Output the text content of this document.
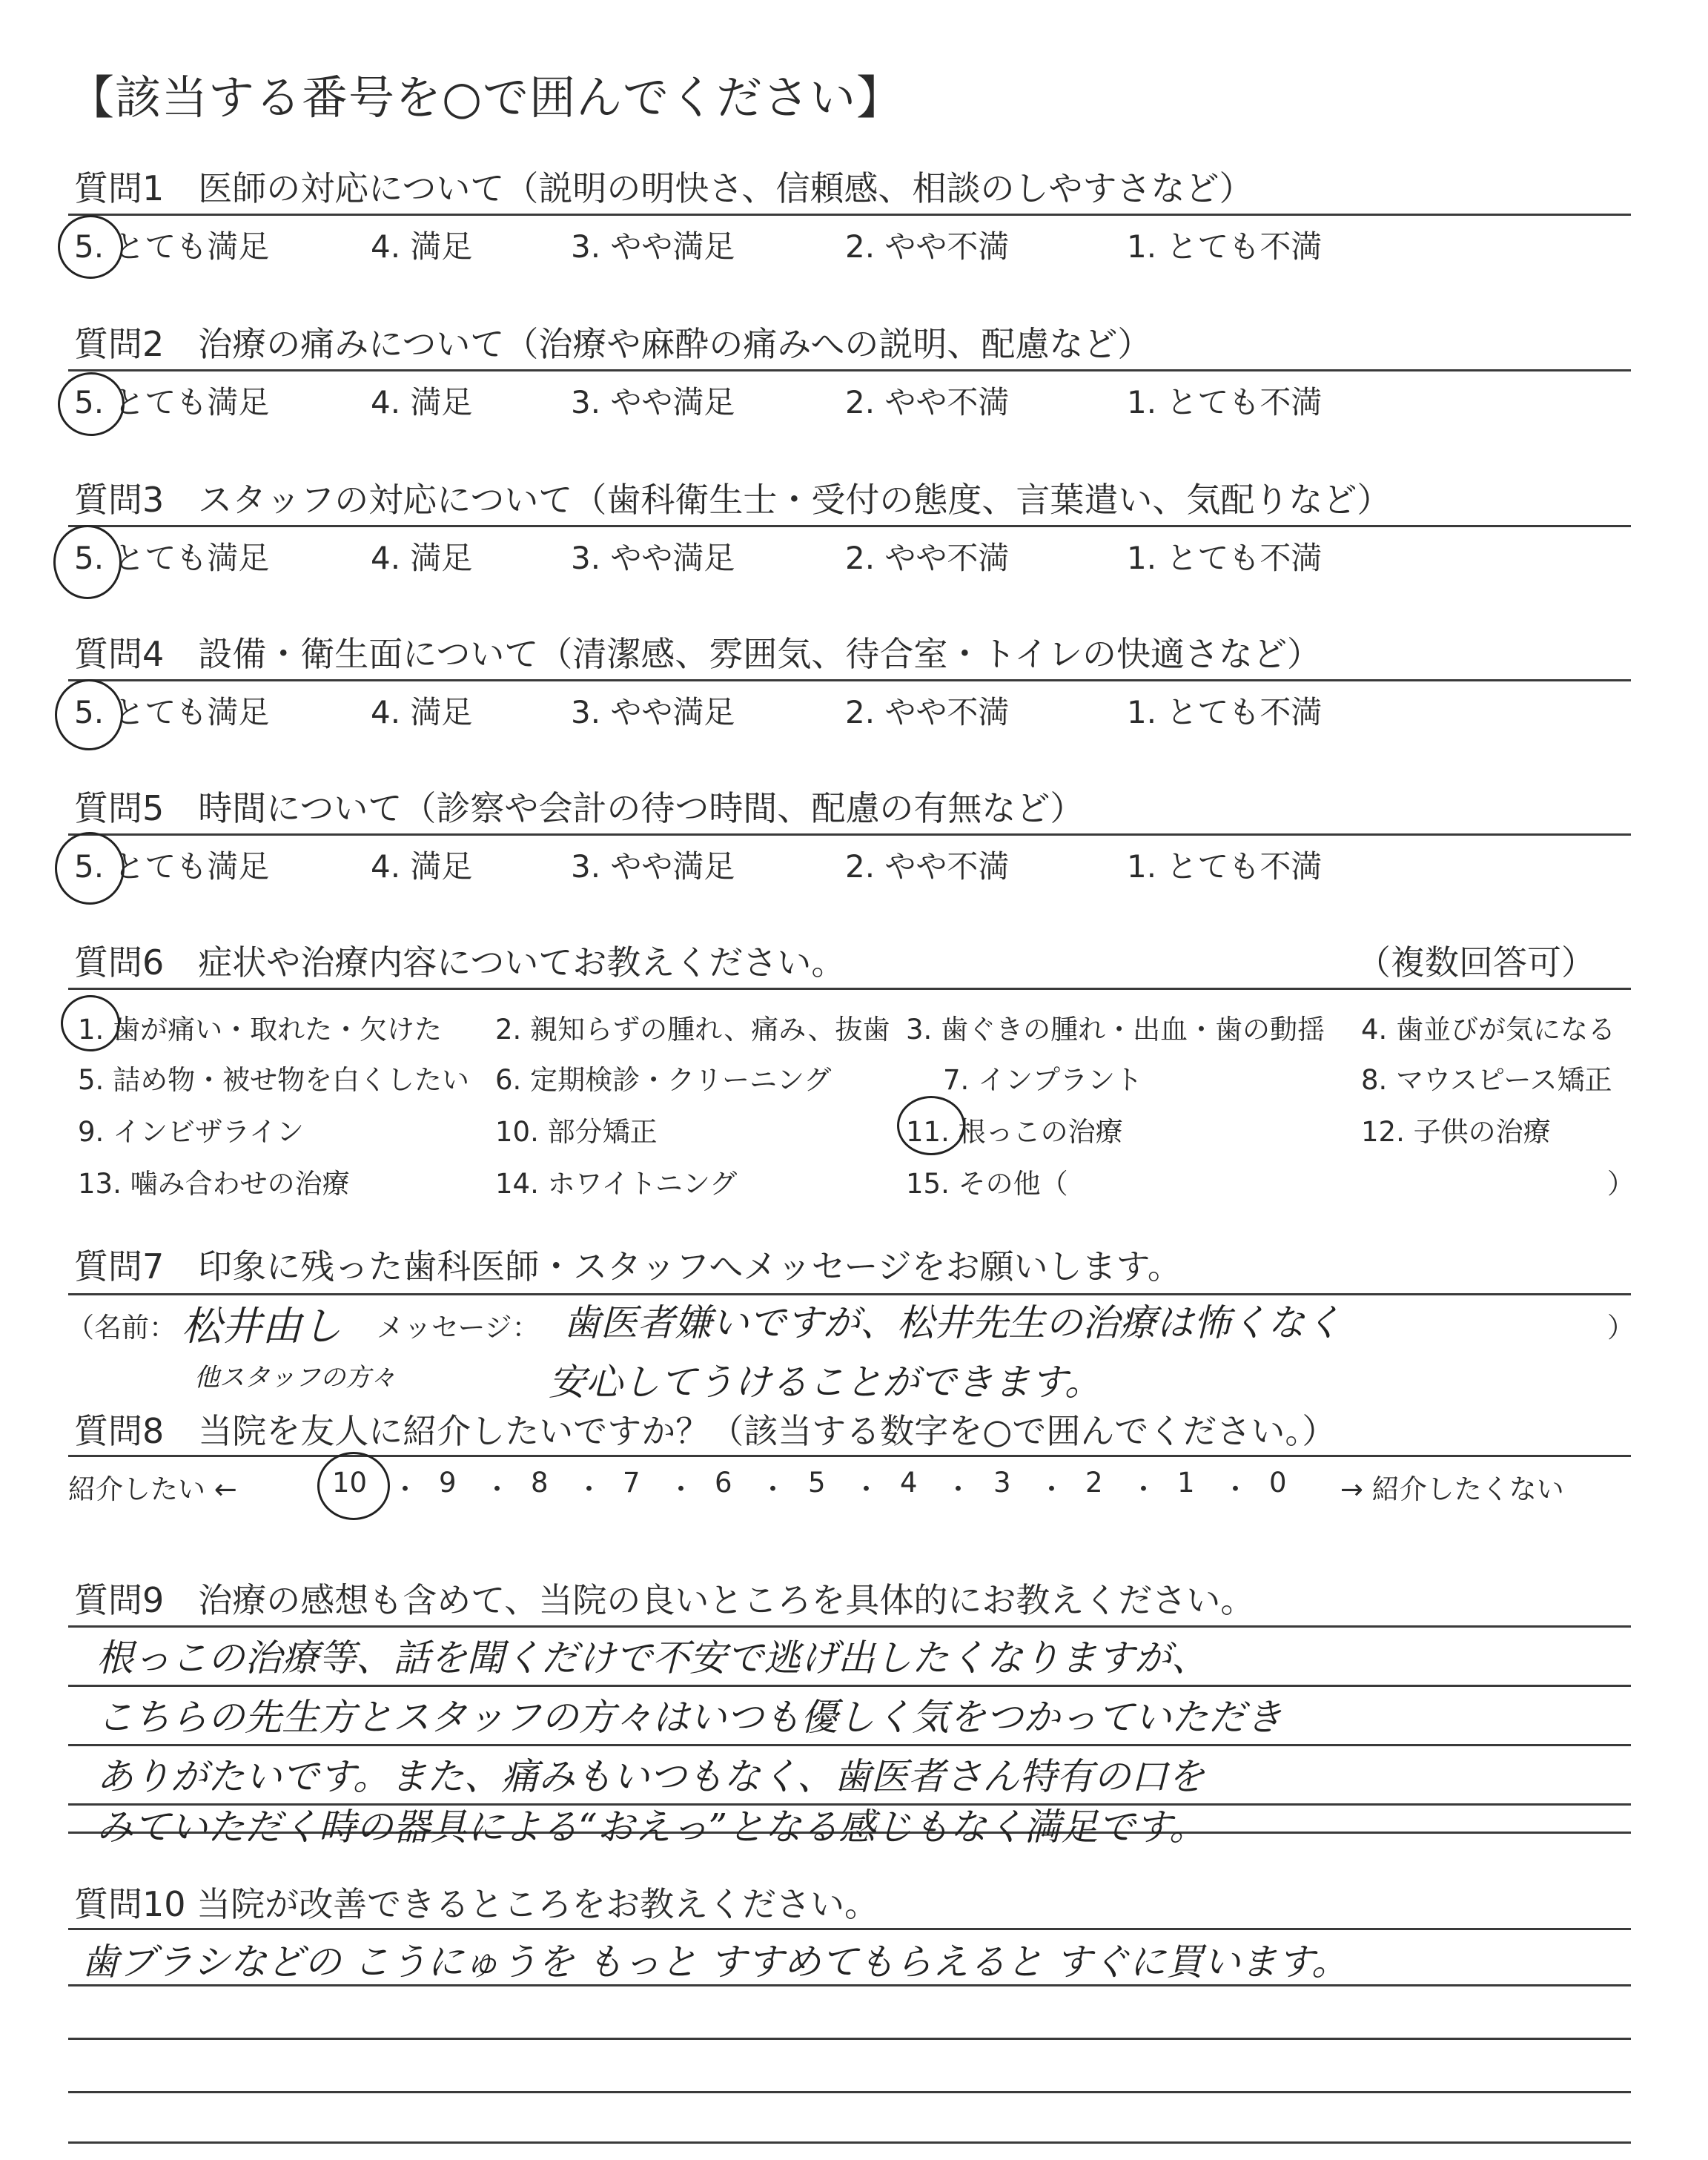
【該当する番号を○で囲んでください】
質問1　医師の対応について（説明の明快さ、信頼感、相談のしやすさなど）
5. とても満足	4. 満足	3. やや満足	2. やや不満	1. とても不満
質問2　治療の痛みについて（治療や麻酔の痛みへの説明、配慮など）
5. とても満足	4. 満足	3. やや満足	2. やや不満	1. とても不満
質問3　スタッフの対応について（歯科衛生士・受付の態度、言葉遣い、気配りなど）
5. とても満足	4. 満足	3. やや満足	2. やや不満	1. とても不満
質問4　設備・衛生面について（清潔感、雰囲気、待合室・トイレの快適さなど）
5. とても満足	4. 満足	3. やや満足	2. やや不満	1. とても不満
質問5　時間について（診察や会計の待つ時間、配慮の有無など）
5. とても満足	4. 満足	3. やや満足	2. やや不満	1. とても不満
質問6　症状や治療内容についてお教えください。	（複数回答可）
1. 歯が痛い・取れた・欠けた 2. 親知らずの腫れ、痛み、抜歯 3. 歯ぐきの腫れ・出血・歯の動揺 4. 歯並びが気になる
5. 詰め物・被せ物を白くしたい 6. 定期検診・クリーニング	7. インプラント	8. マウスピース矯正
9. インビザライン	10. 部分矯正	11. 根っこの治療	12. 子供の治療
13. 噛み合わせの治療	14. ホワイトニング	15. その他（	）
質問7　印象に残った歯科医師・スタッフへメッセージをお願いします。
（名前： 松井由し
他スタッフの方々
メッセージ： 歯医者嫌いですが、松井先生の治療は怖くなく
安心してうけることができます。
）
質問8　当院を友人に紹介したいですか？（該当する数字を○で囲んでください。）
紹介したい ←	→ 紹介したくない
10 ・ 9 ・ 8 ・ 7 ・ 6 ・ 5 ・ 4 ・ 3 ・ 2 ・ 1 ・ 0
質問9　治療の感想も含めて、当院の良いところを具体的にお教えください。
根っこの治療等、話を聞くだけで不安で逃げ出したくなりますが、
こちらの先生方とスタッフの方々はいつも優しく気をつかっていただき
ありがたいです。また、痛みもいつもなく、歯医者さん特有の口を
みていただく時の器具による“おえっ”となる感じもなく満足です。
質問10 当院が改善できるところをお教えください。
歯ブラシなどの こうにゅうを もっと すすめてもらえると すぐに買います。
